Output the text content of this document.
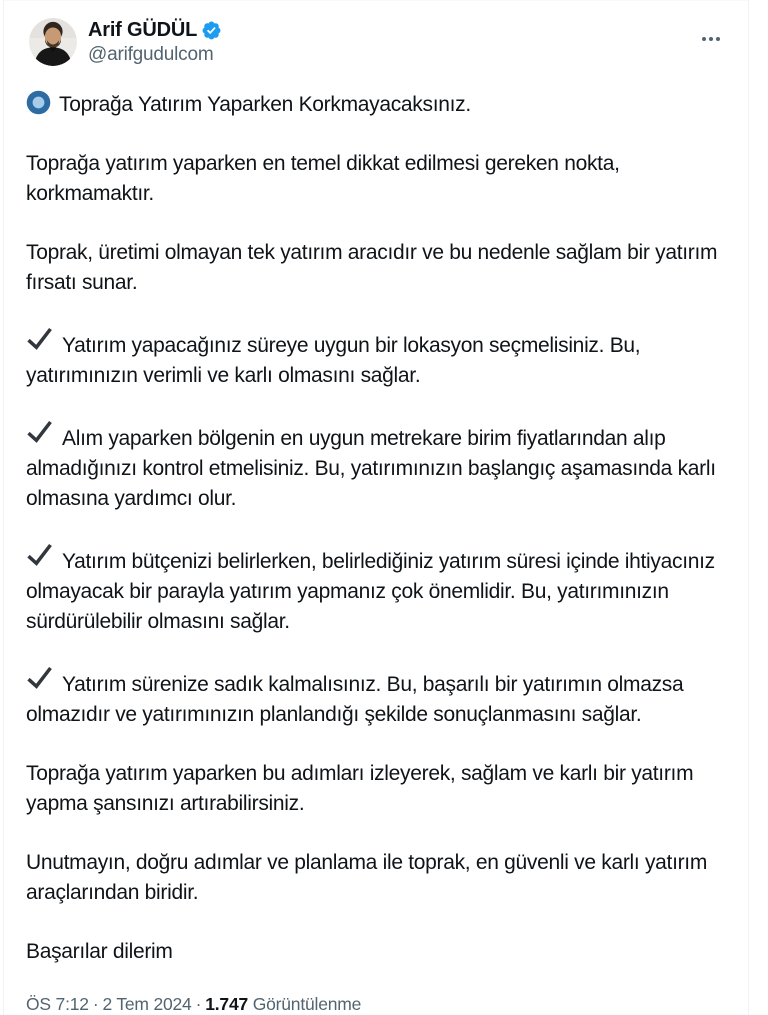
Arif GÜDÜL
@arifgudulcom

Toprağa Yatırım Yaparken Korkmayacaksınız.

Toprağa yatırım yaparken en temel dikkat edilmesi gereken nokta, korkmamaktır.

Toprak, üretimi olmayan tek yatırım aracıdır ve bu nedenle sağlam bir yatırım fırsatı sunar.

Yatırım yapacağınız süreye uygun bir lokasyon seçmelisiniz. Bu, yatırımınızın verimli ve karlı olmasını sağlar.

Alım yaparken bölgenin en uygun metrekare birim fiyatlarından alıp almadığınızı kontrol etmelisiniz. Bu, yatırımınızın başlangıç aşamasında karlı olmasına yardımcı olur.

Yatırım bütçenizi belirlerken, belirlediğiniz yatırım süresi içinde ihtiyacınız olmayacak bir parayla yatırım yapmanız çok önemlidir. Bu, yatırımınızın sürdürülebilir olmasını sağlar.

Yatırım sürenize sadık kalmalısınız. Bu, başarılı bir yatırımın olmazsa olmazıdır ve yatırımınızın planlandığı şekilde sonuçlanmasını sağlar.

Toprağa yatırım yaparken bu adımları izleyerek, sağlam ve karlı bir yatırım yapma şansınızı artırabilirsiniz.

Unutmayın, doğru adımlar ve planlama ile toprak, en güvenli ve karlı yatırım araçlarından biridir.

Başarılar dilerim

ÖS 7:12 · 2 Tem 2024 · 1.747 Görüntülenme
